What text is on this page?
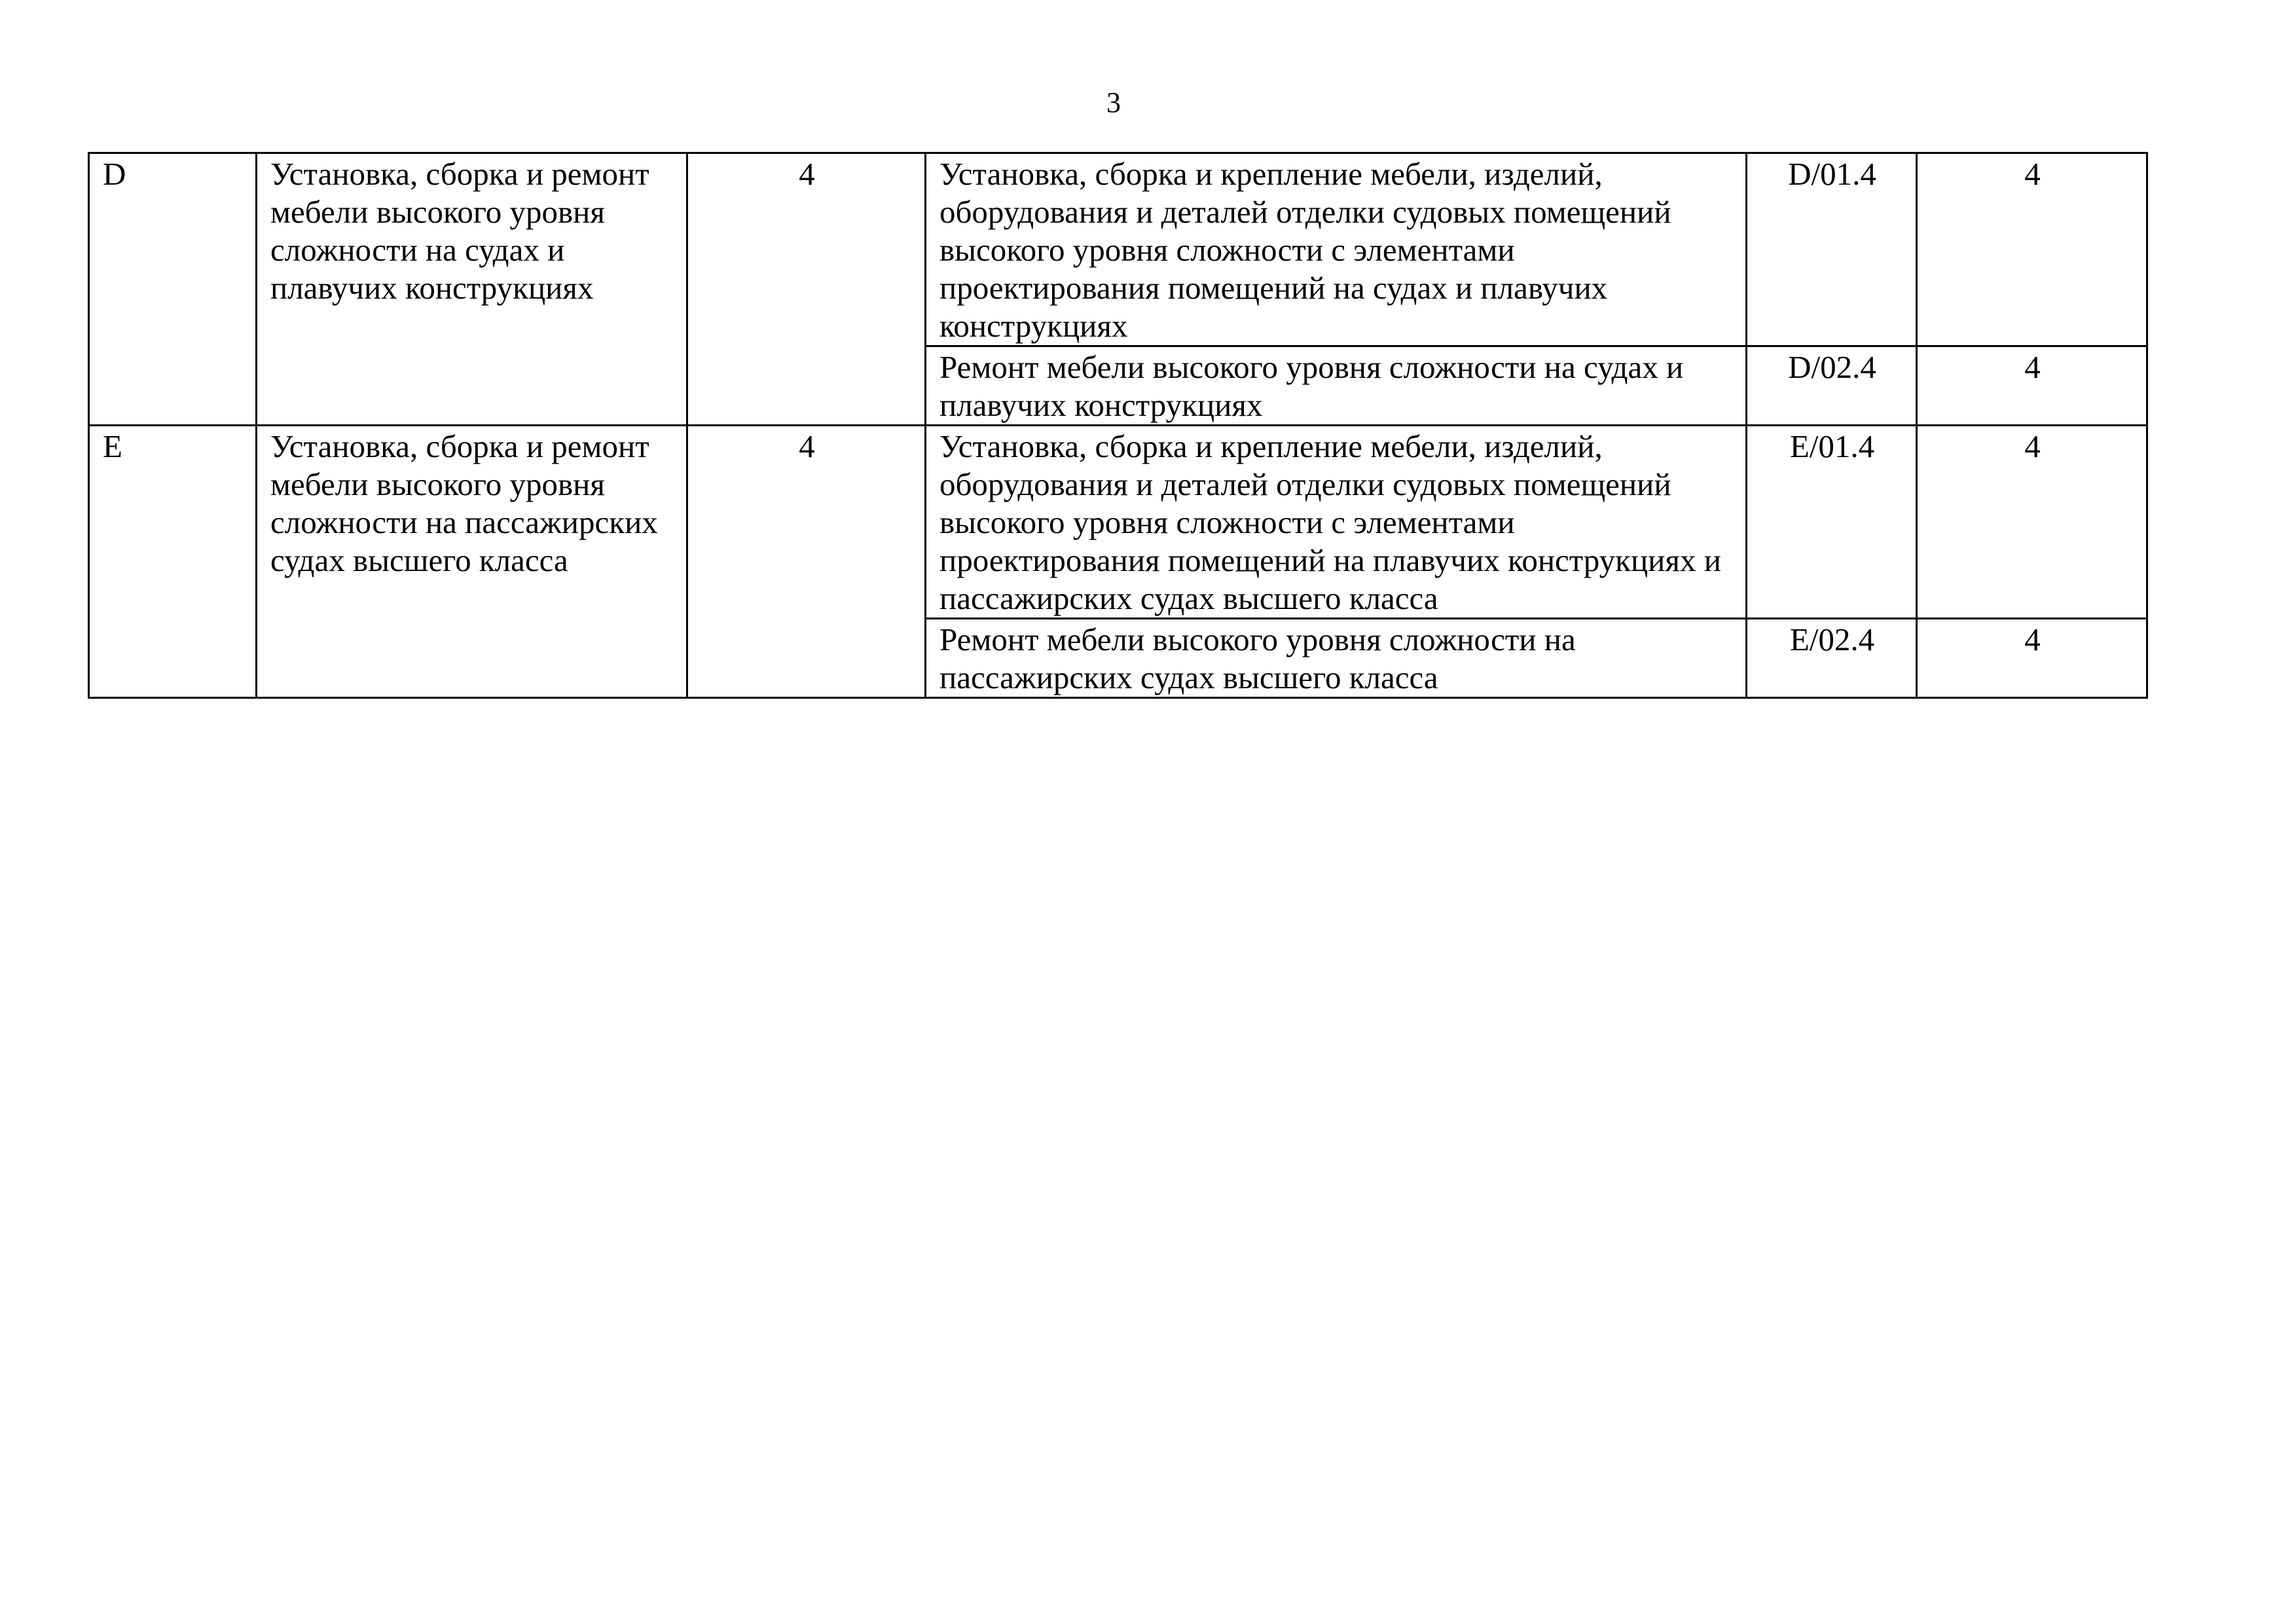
3
D	Установка, сборка и ремонт мебели высокого уровня сложности на судах и плавучих конструкциях	4	Установка, сборка и крепление мебели, изделий, оборудования и деталей отделки судовых помещений высокого уровня сложности с элементами проектирования помещений на судах и плавучих конструкциях	D/01.4	4
			Ремонт мебели высокого уровня сложности на судах и плавучих конструкциях	D/02.4	4
E	Установка, сборка и ремонт мебели высокого уровня сложности на пассажирских судах высшего класса	4	Установка, сборка и крепление мебели, изделий, оборудования и деталей отделки судовых помещений высокого уровня сложности с элементами проектирования помещений на плавучих конструкциях и пассажирских судах высшего класса	E/01.4	4
			Ремонт мебели высокого уровня сложности на пассажирских судах высшего класса	E/02.4	4
